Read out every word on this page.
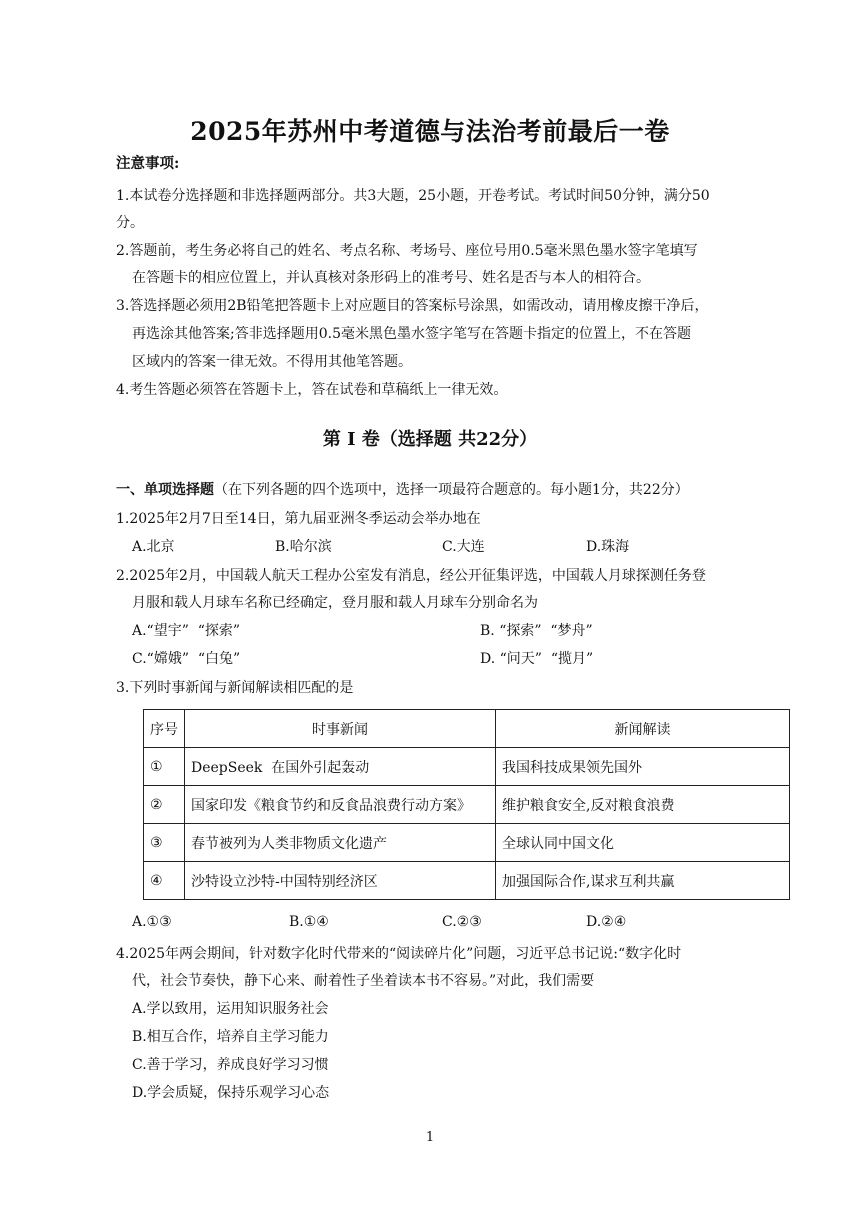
2025年苏州中考道德与法治考前最后一卷
注意事项:
1.本试卷分选择题和非选择题两部分。共3大题，25小题，开卷考试。考试时间50分钟，满分50
分。
2.答题前，考生务必将自己的姓名、考点名称、考场号、座位号用0.5毫米黑色墨水签字笔填写
在答题卡的相应位置上，并认真核对条形码上的准考号、姓名是否与本人的相符合。
3.答选择题必须用2B铅笔把答题卡上对应题目的答案标号涂黑，如需改动，请用橡皮擦干净后，
再选涂其他答案;答非选择题用0.5毫米黑色墨水签字笔写在答题卡指定的位置上，不在答题
区域内的答案一律无效。不得用其他笔答题。
4.考生答题必须答在答题卡上，答在试卷和草稿纸上一律无效。
第 Ⅰ 卷（选择题 共22分）
一、单项选择题（在下列各题的四个选项中，选择一项最符合题意的。每小题1分，共22分）
1.2025年2月7日至14日，第九届亚洲冬季运动会举办地在
A.北京	B.哈尔滨	C.大连	D.珠海
2.2025年2月，中国载人航天工程办公室发有消息，经公开征集评选，中国载人月球探测任务登
月服和载人月球车名称已经确定，登月服和载人月球车分别命名为
A.“望宇”  “探索”	B. “探索”  “梦舟”
C.“嫦娥”  “白兔”	D. “问天”  “揽月”
3.下列时事新闻与新闻解读相匹配的是
序号	时事新闻	新闻解读
①	DeepSeek  在国外引起轰动	我国科技成果领先国外
②	国家印发《粮食节约和反食品浪费行动方案》	维护粮食安全,反对粮食浪费
③	春节被列为人类非物质文化遗产	全球认同中国文化
④	沙特设立沙特-中国特别经济区	加强国际合作,谋求互利共赢
A.①③	B.①④	C.②③	D.②④
4.2025年两会期间，针对数字化时代带来的“阅读碎片化”问题，习近平总书记说:“数字化时
代，社会节奏快，静下心来、耐着性子坐着读本书不容易。”对此，我们需要
A.学以致用，运用知识服务社会
B.相互合作，培养自主学习能力
C.善于学习，养成良好学习习惯
D.学会质疑，保持乐观学习心态
1
